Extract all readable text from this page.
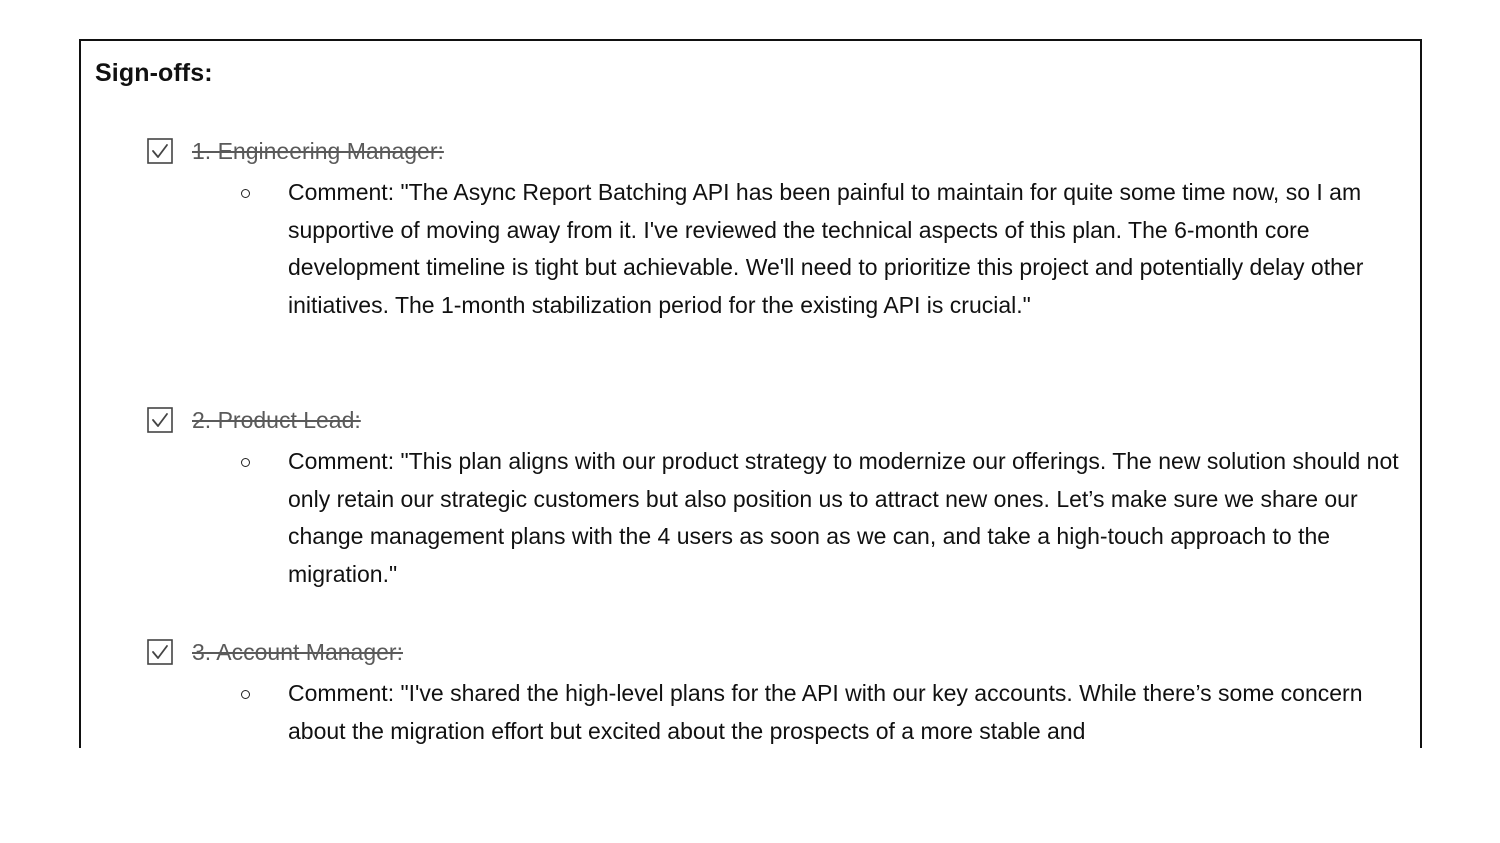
Sign-offs:
1. Engineering Manager:
Comment: "The Async Report Batching API has been painful to maintain for quite some time now, so I am supportive of moving away from it. I've reviewed the technical aspects of this plan. The 6-month core development timeline is tight but achievable. We'll need to prioritize this project and potentially delay other initiatives. The 1-month stabilization period for the existing API is crucial."
2. Product Lead:
Comment: "This plan aligns with our product strategy to modernize our offerings. The new solution should not only retain our strategic customers but also position us to attract new ones. Let’s make sure we share our change management plans with the 4 users as soon as we can, and take a high-touch approach to the migration."
3. Account Manager:
Comment: "I've shared the high-level plans for the API with our key accounts. While there’s some concern about the migration effort but excited about the prospects of a more stable and
